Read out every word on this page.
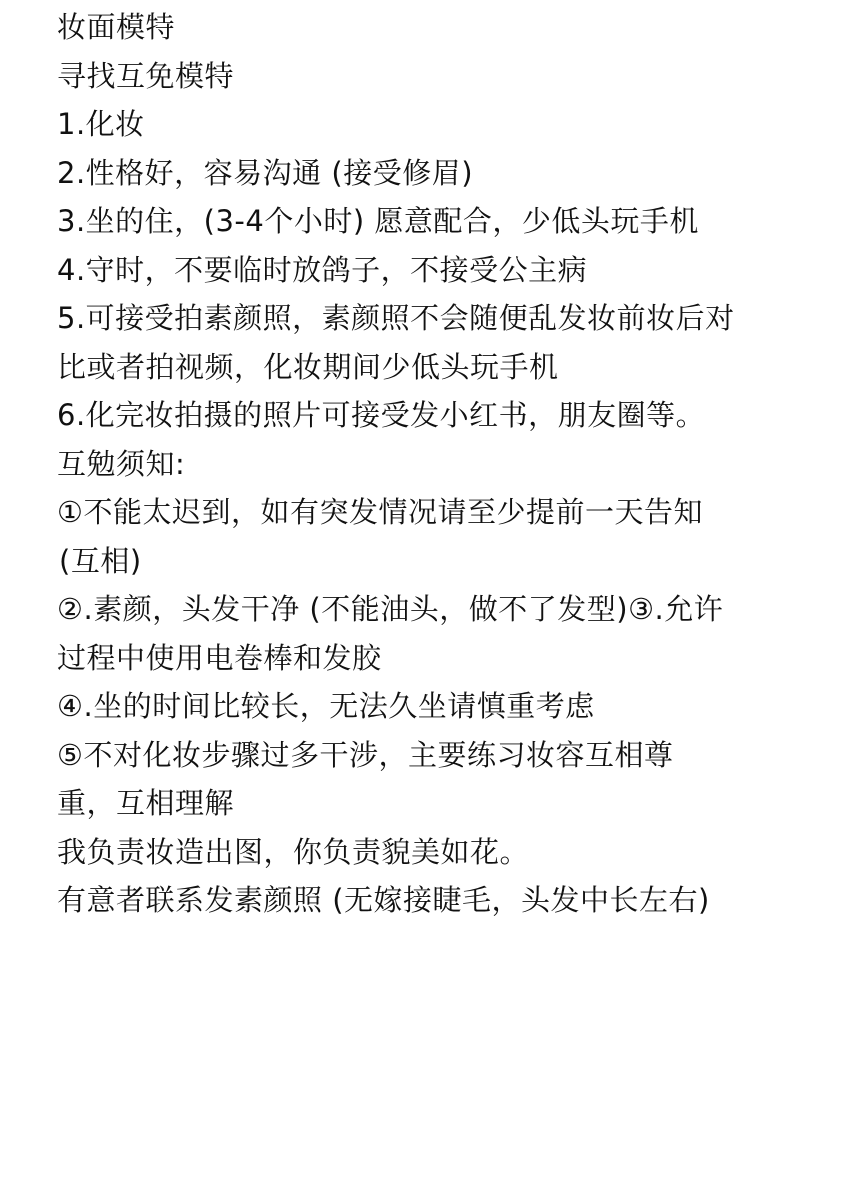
妆面模特
寻找互免模特
1.化妆
2.性格好，容易沟通 (接受修眉)
3.坐的住，(3-4个小时) 愿意配合，少低头玩手机
4.守时，不要临时放鸽子，不接受公主病
5.可接受拍素颜照，素颜照不会随便乱发妆前妆后对
比或者拍视频，化妆期间少低头玩手机
6.化完妆拍摄的照片可接受发小红书，朋友圈等。
互勉须知:
①不能太迟到，如有突发情况请至少提前一天告知
(互相)
②.素颜，头发干净 (不能油头，做不了发型)③.允许
过程中使用电卷棒和发胶
④.坐的时间比较长，无法久坐请慎重考虑
⑤不对化妆步骤过多干涉，主要练习妆容互相尊
重，互相理解
我负责妆造出图，你负责貌美如花。
有意者联系发素颜照 (无嫁接睫毛，头发中长左右)
